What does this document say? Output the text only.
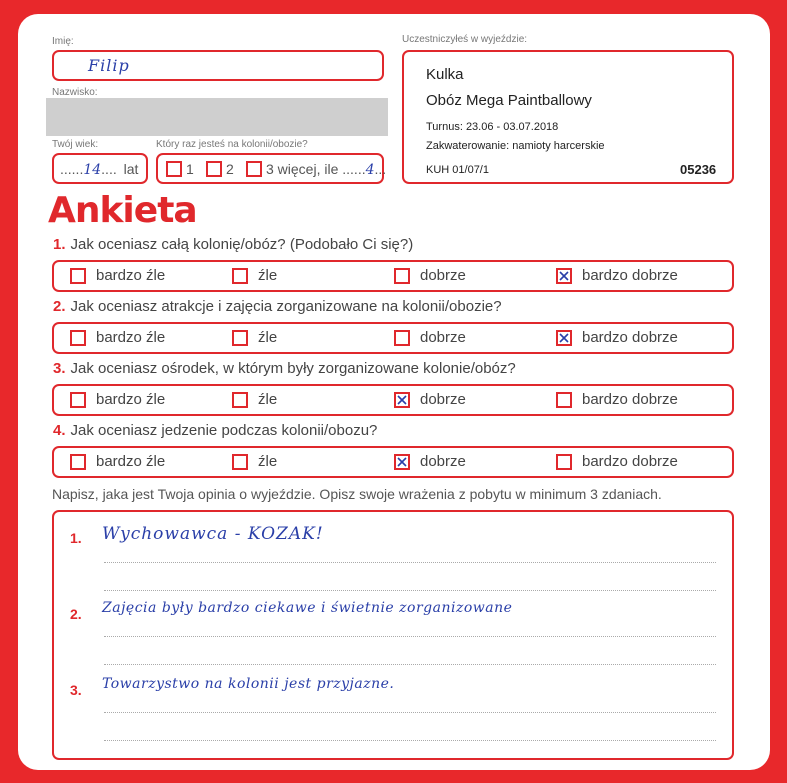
Imię:
Filip
Nazwisko:
Twój wiek:
......14.... lat
Który raz jesteś na kolonii/obozie?
1 2 3 więcej, ile ......4...
Uczestniczyłeś w wyjeździe:
Kulka
Obóz Mega Paintballowy
Turnus: 23.06 - 03.07.2018
Zakwaterowanie: namioty harcerskie
KUH 01/07/1	05236
Ankieta
1. Jak oceniasz całą kolonię/obóz? (Podobało Ci się?)
bardzo źle	źle	dobrze	bardzo dobrze
2. Jak oceniasz atrakcje i zajęcia zorganizowane na kolonii/obozie?
bardzo źle	źle	dobrze	bardzo dobrze
3. Jak oceniasz ośrodek, w którym były zorganizowane kolonie/obóz?
bardzo źle	źle	dobrze	bardzo dobrze
4. Jak oceniasz jedzenie podczas kolonii/obozu?
bardzo źle	źle	dobrze	bardzo dobrze
Napisz, jaka jest Twoja opinia o wyjeździe. Opisz swoje wrażenia z pobytu w minimum 3 zdaniach.
1. Wychowawca - KOZAK!
2. Zajęcia były bardzo ciekawe i świetnie zorganizowane
3. Towarzystwo na kolonii jest przyjazne.
